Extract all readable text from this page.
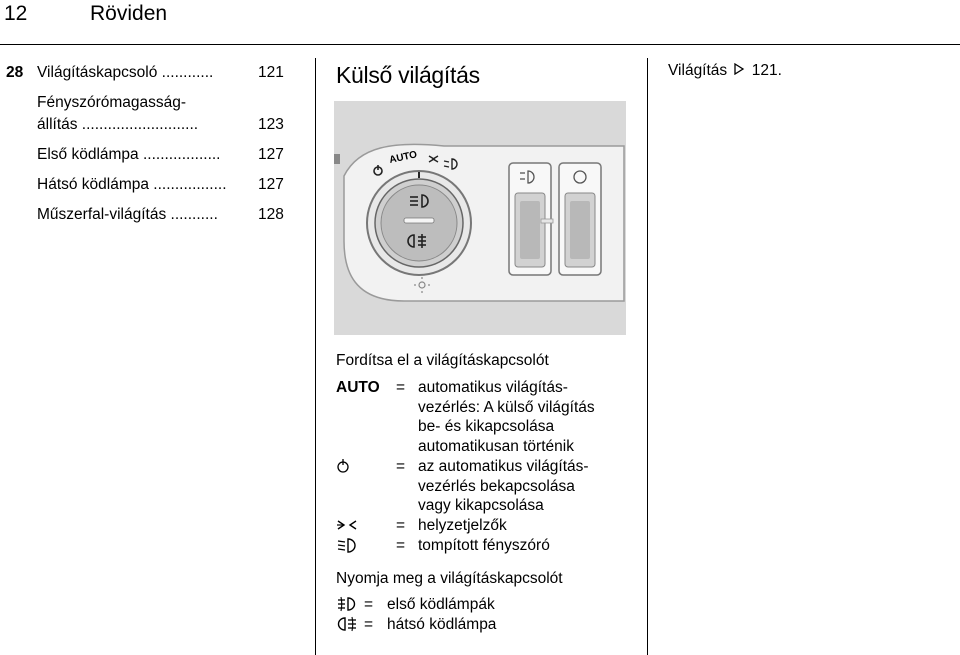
12	Röviden
28 Világításkapcsoló ............	121
Fényszórómagasság-
állítás ...........................	123
Első ködlámpa .................. 127
Hátsó ködlámpa ................. 127
Műszerfal-világítás ...........	128
Külső világítás
AUTO
Fordítsa el a világításkapcsolót
AUTO = automatikus világítás-
vezérlés: A külső világítás
be- és kikapcsolása
automatikusan történik
= az automatikus világítás-
vezérlés bekapcsolása
vagy kikapcsolása
= helyzetjelzők
= tompított fényszóró
Nyomja meg a világításkapcsolót
= első ködlámpák
= hátsó ködlámpa
Világítás 121.
